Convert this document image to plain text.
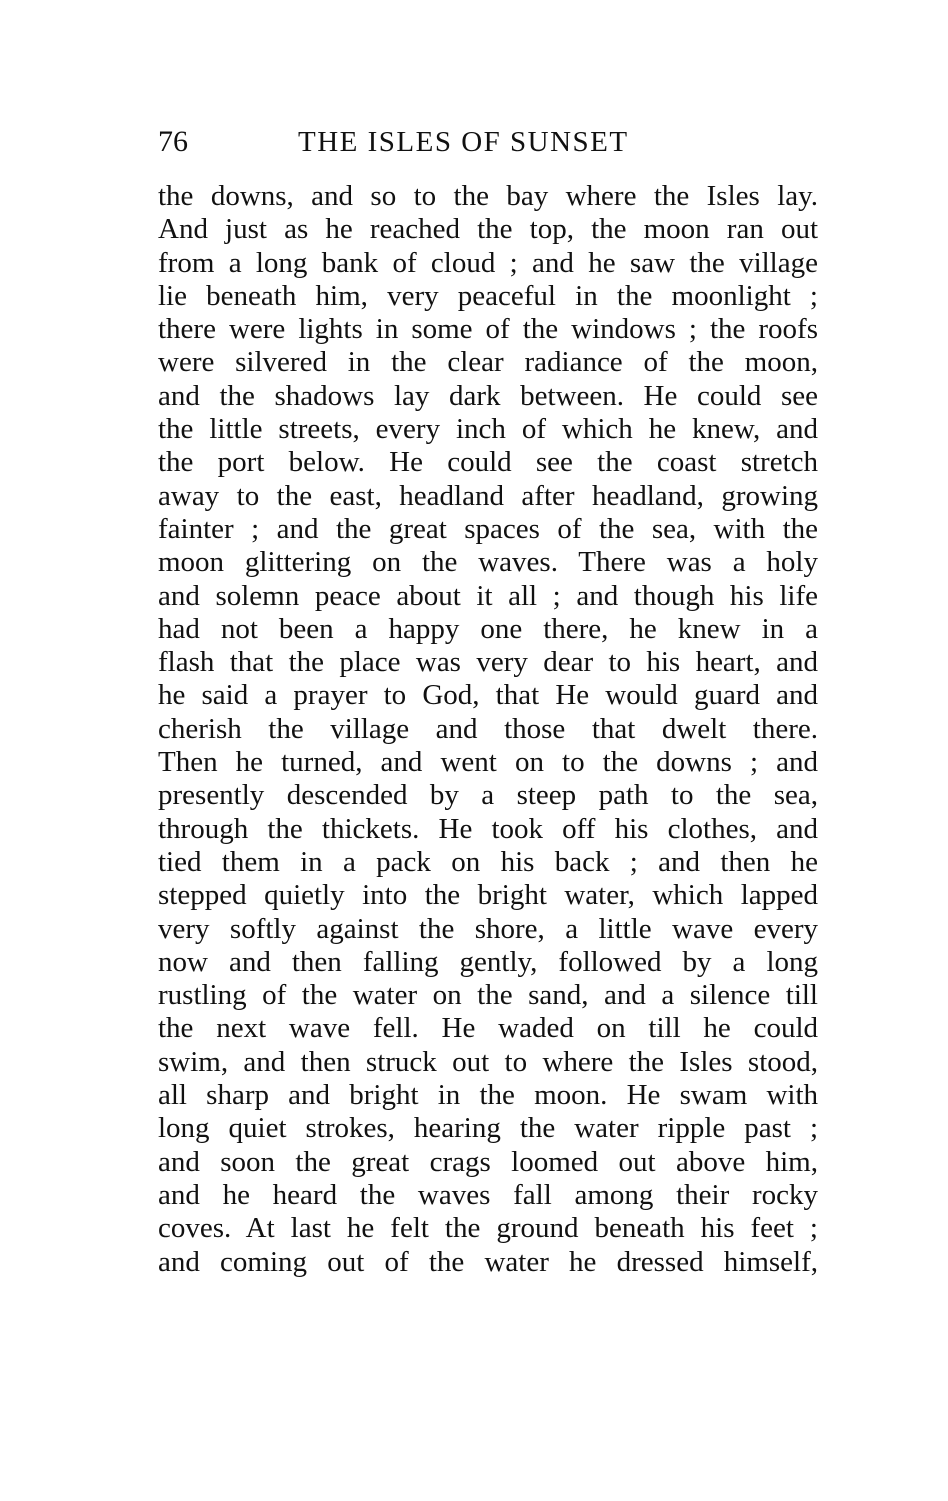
76	THE ISLES OF SUNSET
the downs, and so to the bay where the Isles lay.
And just as he reached the top, the moon ran out
from a long bank of cloud ; and he saw the village
lie beneath him, very peaceful in the moonlight ;
there were lights in some of the windows ; the roofs
were silvered in the clear radiance of the moon,
and the shadows lay dark between. He could see
the little streets, every inch of which he knew, and
the port below. He could see the coast stretch
away to the east, headland after headland, growing
fainter ; and the great spaces of the sea, with the
moon glittering on the waves. There was a holy
and solemn peace about it all ; and though his life
had not been a happy one there, he knew in a
flash that the place was very dear to his heart, and
he said a prayer to God, that He would guard and
cherish the village and those that dwelt there.
Then he turned, and went on to the downs ; and
presently descended by a steep path to the sea,
through the thickets. He took off his clothes, and
tied them in a pack on his back ; and then he
stepped quietly into the bright water, which lapped
very softly against the shore, a little wave every
now and then falling gently, followed by a long
rustling of the water on the sand, and a silence till
the next wave fell. He waded on till he could
swim, and then struck out to where the Isles stood,
all sharp and bright in the moon. He swam with
long quiet strokes, hearing the water ripple past ;
and soon the great crags loomed out above him,
and he heard the waves fall among their rocky
coves. At last he felt the ground beneath his feet ;
and coming out of the water he dressed himself,
